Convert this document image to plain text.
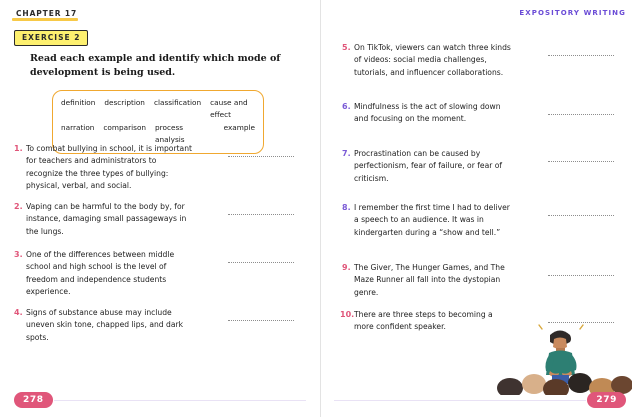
CHAPTER 17
EXERCISE 2
Read each example and identify which mode of development is being used.
definition description classification cause and effect
narration comparison process analysis
example
1. To combat bullying in school, it is important for teachers and administrators to recognize the three types of bullying: physical, verbal, and social.
2. Vaping can be harmful to the body by, for instance, damaging small passageways in the lungs.
3. One of the differences between middle school and high school is the level of freedom and independence students experience.
4. Signs of substance abuse may include uneven skin tone, chapped lips, and dark spots.
278
EXPOSITORY WRITING
5. On TikTok, viewers can watch three kinds of videos: social media challenges, tutorials, and influencer collaborations.
6. Mindfulness is the act of slowing down and focusing on the moment.
7. Procrastination can be caused by perfectionism, fear of failure, or fear of criticism.
8. I remember the first time I had to deliver a speech to an audience. It was in kindergarten during a “show and tell.”
9. The Giver, The Hunger Games, and The Maze Runner all fall into the dystopian genre.
10. There are three steps to becoming a more confident speaker.
279
